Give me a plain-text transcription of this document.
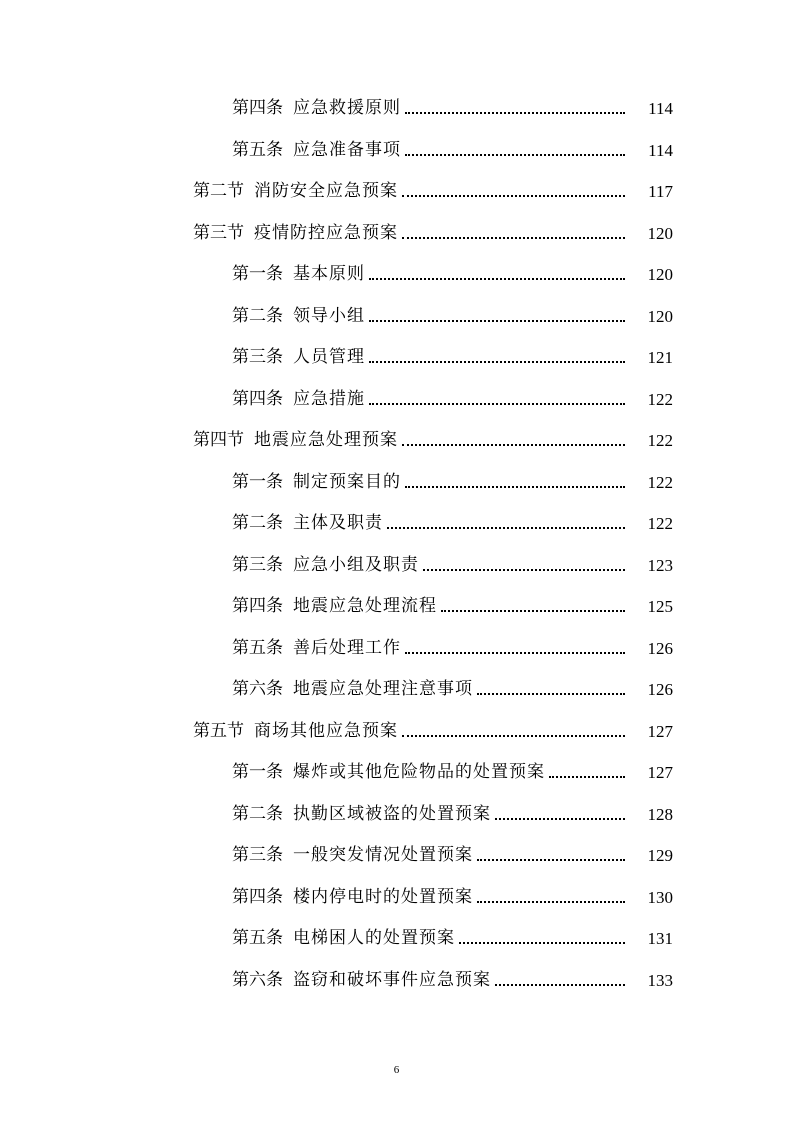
第四条 应急救援原则	114
第五条 应急准备事项	114
第二节 消防安全应急预案	117
第三节 疫情防控应急预案	120
第一条 基本原则	120
第二条 领导小组	120
第三条 人员管理	121
第四条 应急措施	122
第四节 地震应急处理预案	122
第一条 制定预案目的	122
第二条 主体及职责	122
第三条 应急小组及职责	123
第四条 地震应急处理流程	125
第五条 善后处理工作	126
第六条 地震应急处理注意事项	126
第五节 商场其他应急预案	127
第一条 爆炸或其他危险物品的处置预案	127
第二条 执勤区域被盗的处置预案	128
第三条 一般突发情况处置预案	129
第四条 楼内停电时的处置预案	130
第五条 电梯困人的处置预案	131
第六条 盗窃和破坏事件应急预案	133
6
